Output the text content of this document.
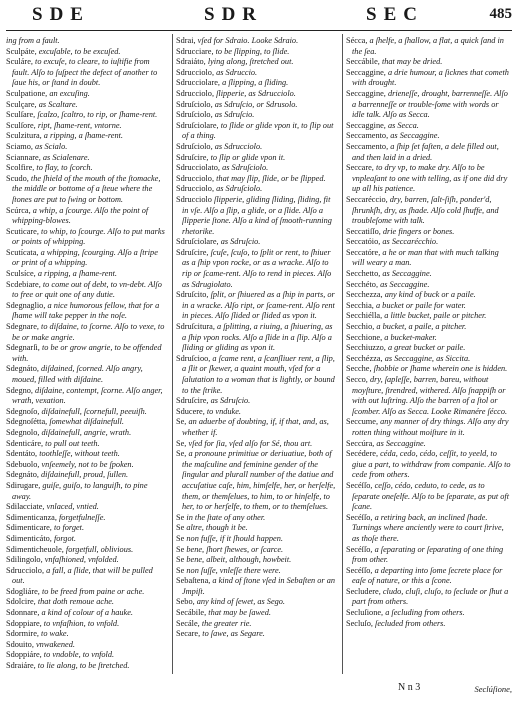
SDE	SDR	SEC	485

ing from a fault.

Sculpáte, excuſable, to be excuſed.

Sculáre, to excuſe, to cleare, to iuſtifie from fault. Alſo to ſuſpect the defect of another to ſaue his, or ſtand in doubt.

Sculpatione, an excuſing.

Sculçare, as Scaltare.

Sculſare, ſcalzo, ſcaltro, to rip, or ſhame-rent.

Sculſore, ript, ſhame-rent, vntorne.

Sculzitura, a ripping, a ſhame-rent.

Sciamo, as Scialo.

Sciannare, as Scialenare.

Scolfire, to flay, to ſcorch.

Scudo, the ſhield of the mouth of the ſtomacke, the middle or bottome of a ſteue where the ſtones are put to ſwing or bottom.

Scúrca, a whip, a ſcourge. Alſo the point of whipping-blowes.

Scuticare, to whip, to ſcourge. Alſo to put marks or points of whipping.

Scutícata, a whipping, ſcourging. Alſo a ſtripe or print of a whipping.

Sculsíce, a ripping, a ſhame-rent.

Scdebiare, to come out of debt, to vn-debt. Alſo to free or quit one of any dutie.

Sdegnaglio, a nice humorous fellow, that for a ſhame will take pepper in the noſe.

Sdegnare, to diſdaine, to ſcorne. Alſo to vexe, to be or make angrie.

Sdegnarſi, to be or grow angrie, to be offended with.

Sdegnáto, diſdained, ſcorned. Alſo angry, moued, filled with diſdaine.

Sdegno, diſdaine, contempt, ſcorne. Alſo anger, wrath, vexation.

Sdegnoſo, diſdainefull, ſcornefull, peeuiſh.

Sdegnoſétta, ſomewhat diſdainefull.

Sdegnolo, diſdainefull, angrie, wrath.

Sdenticáre, to pull out teeth.

Sdentáto, toothleſſe, without teeth.

Sdebuolo, vnſeemely, not to be ſpoken.

Sdegnáto, diſdainefull, proud, ſullen.

Sdirugare, guiſe, guiſo, to languiſh, to pine away.

Sdilacciate, vnlaced, vntied.

Sdimenticanza, forgetfulneſſe.

Sdimenticare, to forget.

Sdimenticáto, forgot.

Sdimenticheuole, forgetfull, oblivious.

Sdilingolo, vnfaſhioned, vnfolded.

Sdrucciolo, a fall, a ſlide, that will be pulled out.

Sdogliáre, to be freed from paine or ache.

Sdolcire, that doth remoue ache.

Sdonnare, a kind of colour of a hauke.

Sdoppiare, to vnfaſhion, to vnfold.

Sdormire, to wake.

Sdouito, vnwakened.

Sdoppiáre, to vndoble, to vnfold.

Sdraiáre, to lie along, to be ſtretched.

Sdrai, vſed for Sdraio. Looke Sdraio.

Sdrucciare, to be ſlipping, to ſlide.

Sdraiáto, lying along, ſtretched out.

Sdrucciolo, as Sdruccio.

Sdrucciolare, a ſlipping, a ſliding.

Sdrucciolo, ſlipperie, as Sdrucciolo.

Sdruſciolo, as Sdruſcio, or Sdrusolo.

Sdruſciolo, as Sdruſcio.

Sdruſciolare, to ſlide or glide vpon it, to ſlip out of a thing.

Sdruſciolo, as Sdrucciolo.

Sdruſcire, to ſlip or glide vpon it.

Sdrucciolato, as Sdruſciolo.

Sdrucciolo, that may ſlip, ſlide, or be ſlipped.

Sdrucciolo, as Sdruſciolo.

Sdrucciolo ſlipperie, gliding ſliding, ſliding, fit in vſe. Alſo a ſlip, a glide, or a ſlide. Alſo a ſlipperie ſtone. Alſo a kind of ſmooth-running rhetorike.

Sdruſciolare, as Sdruſcio.

Sdruſcire, ſcuſe, ſcuſo, to ſplit or rent, to ſhiuer as a ſhip vpon rocke, or as a wracke. Alſo to rip or ſcame-rent. Alſo to rend in pieces. Alſo as Sdrugiolato.

Sdruſcito, ſplit, or ſhiuered as a ſhip in parts, or in a wracke. Alſo ript, or ſcame-rent. Alſo rent in pieces. Alſo ſlided or ſlided as vpon it.

Sdruſcitura, a ſplitting, a riuing, a ſhiuering, as a ſhip vpon rocks. Alſo a ſlide in a ſlip. Alſo a ſliding or gliding as vpon it.

Sdruſcioo, a ſcame rent, a ſcanſliuer rent, a ſlip, a ſlit or ſkewer, a quaint mouth, vſed for a ſalutation to a woman that is lightly, or bound to the ſtrike.

Sdruſcire, as Sdruſcio.

Sducere, to vnduke.

Se, an aduerbe of doubting, if, if that, and, as, whether if.

Se, vſed for ſia, vſed alſo for Sé, thou art.

Se, a pronoune primitiue or deriuatiue, both of the maſculine and feminine gender of the ſingular and plurall number of the datiue and accuſatiue caſe, him, himſelfe, her, or herſelfe, them, or themſelues, to him, to or hinſelfe, to her, to or herſelfe, to them, or to themſelues.

Se in the ſtate of any other.

Se altre, though it be.

Se non fuſſe, if it ſhould happen.

Se bene, ſhort ſhewes, or ſcarce.

Se bene, albeit, although, howbeit.

Se non ſuſſe, vnleſſe there were.

Sebaſtena, a kind of ſtone vſed in Sebaſten or an Jmpiſt.

Sebo, any kind of ſewet, as Sego.

Secábile, that may be ſawed.

Secále, the greater rie.

Secare, to ſawe, as Segare.

Sécca, a ſhelfe, a ſhallow, a flat, a quick ſand in the ſea.

Seccábile, that may be dried.

Seccaggine, a drie humour, a ſicknes that cometh with drought.

Seccaggine, drieneſſe, drought, barrenneſſe. Alſo a barrenneſſe or trouble-ſome with words or idle talk. Alſo as Secca.

Seccaggine, as Secca.

Seccamento, as Seccaggine.

Seccamento, a ſhip ſet faſten, a dele filled out, and then laid in a dried.

Seccare, to dry vp, to make dry. Alſo to be vnpleaſant to one with telling, as if one did dry up all his patience.

Seccaréccio, dry, barren, ſalt-ſiſh, ponder'd, ſhrunkſh, dry, as ſhade. Alſo cold ſhuffe, and troubleſome with talk.

Seccatiſſo, drie fingers or bones.

Seccatóio, as Seccarécchio.

Seccatóre, a he or man that with much talking will weary a man.

Secchetto, as Seccaggine.

Secchéto, as Seccaggine.

Secchezza, any kind of buck or a paile.

Secchia, a bucket or paile for water.

Secchiélla, a little bucket, paile or pitcher.

Secchio, a bucket, a paile, a pitcher.

Secchione, a bucket-maker.

Secchiuzzo, a great bucket or paile.

Secchézza, as Seccaggine, as Siccita.

Secche, ſhobbie or ſhame wherein one is hidden.

Secco, dry, ſapleſſe, barren, bareu, without moyſture, ſtrendred, withered. Alſo ſnappiſh or with out luſtring. Alſo the barren of a ſtol or ſcomber. Alſo as Secca. Looke Rimanére ſécco.

Seccume, any manner of dry things. Alſo any dry rotten thing without moiſture in it.

Seccúra, as Seccaggine.

Secédere, céda, cedo, cédo, ceſſit, to yeeld, to giue a part, to withdraw from companie. Alſo to cede from others.

Secéſſo, ceſſo, cédo, ceduto, to cede, as to ſeparate oneſelfe. Alſo to be ſeparate, as put oft ſcane.

Secéſſo, a retiring back, an inclined ſhade. Turnings where anciently were to court ſtrive, as thoſe there.

Secéſſo, a ſeparating or ſeparating of one thing from other.

Secéſſo, a departing into ſome ſecrete place for eaſe of nature, or this a ſcone.

Secludere, cludo, cluſi, cluſo, to ſeclude or ſhut a part from others.

Secluſione, a ſecluding from others.

Secluſo, ſecluded from others.

N n 3	Seclúſione,
